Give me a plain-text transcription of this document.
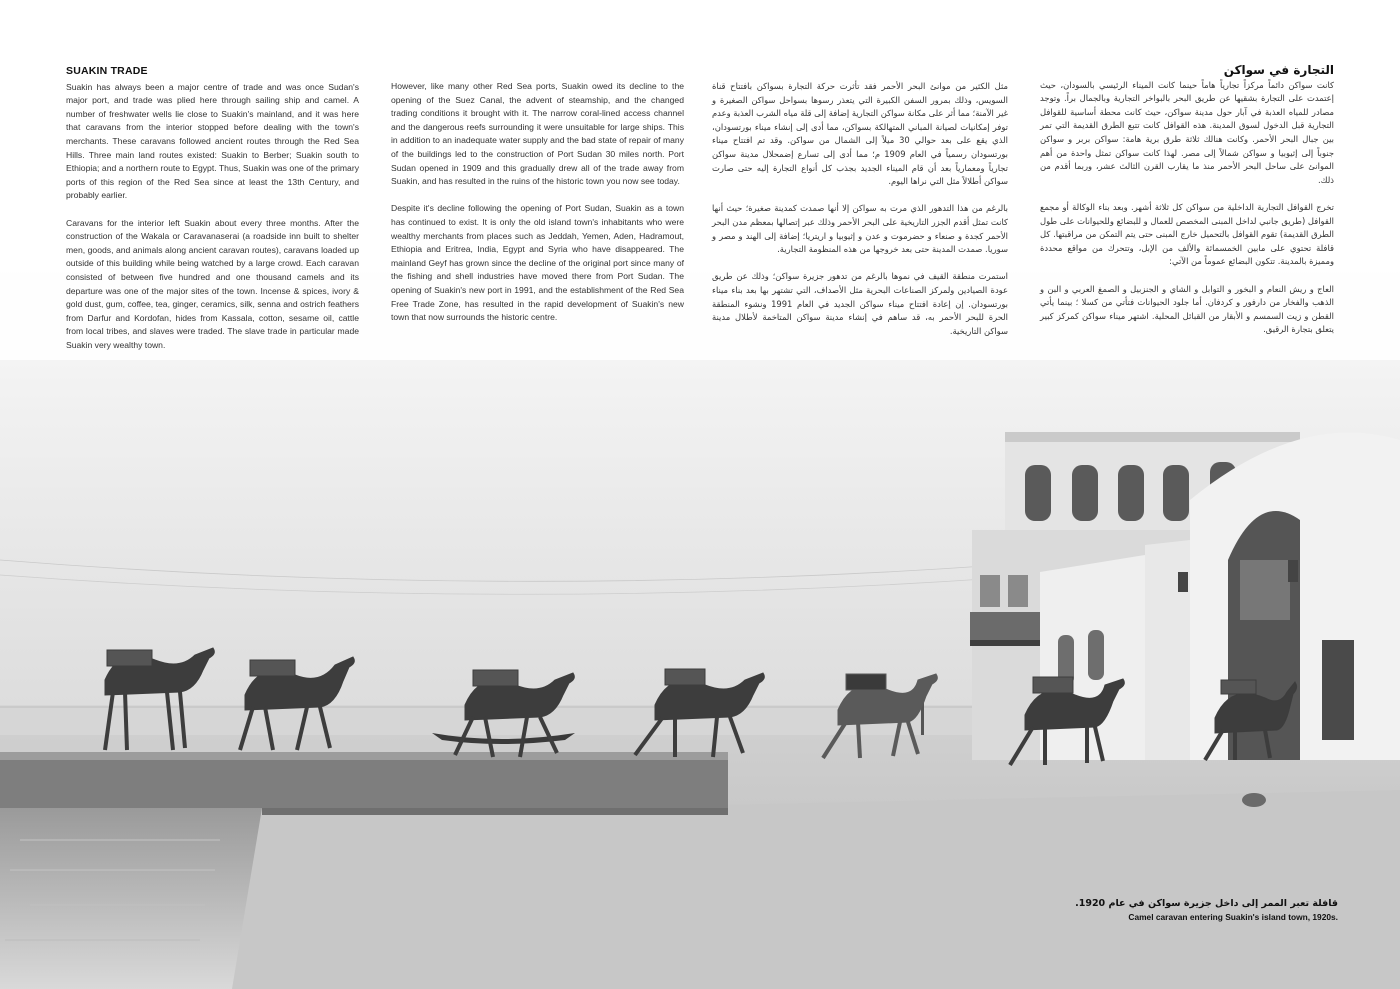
SUAKIN TRADE

Suakin has always been a major centre of trade and was once Sudan's major port, and trade was plied here through sailing ship and camel. A number of freshwater wells lie close to Suakin's mainland, and it was here that caravans from the interior stopped before dealing with the town's merchants. These caravans followed ancient routes through the Red Sea Hills. Three main land routes existed: Suakin to Berber; Suakin south to Ethiopia; and a northern route to Egypt. Thus, Suakin was one of the primary ports of this region of the Red Sea since at least the 13th Century, and probably earlier.

Caravans for the interior left Suakin about every three months. After the construction of the Wakala or Caravanaserai (a roadside inn built to shelter men, goods, and animals along ancient caravan routes), caravans loaded up outside of this building while being watched by a large crowd. Each caravan consisted of between five hundred and one thousand camels and its departure was one of the major sites of the town. Incense & spices, ivory & gold dust, gum, coffee, tea, ginger, ceramics, silk, senna and ostrich feathers from Darfur and Kordofan, hides from Kassala, cotton, sesame oil, cattle from local tribes, and slaves were traded. The slave trade in particular made Suakin very wealthy town.

However, like many other Red Sea ports, Suakin owed its decline to the opening of the Suez Canal, the advent of steamship, and the changed trading conditions it brought with it. The narrow coral-lined access channel and the dangerous reefs surrounding it were unsuitable for large ships. This in addition to an inadequate water supply and the bad state of repair of many of the buildings led to the construction of Port Sudan 30 miles north. Port Sudan opened in 1909 and this gradually drew all of the trade away from Suakin, and has resulted in the ruins of the historic town you now see today.

Despite it's decline following the opening of Port Sudan, Suakin as a town has continued to exist. It is only the old island town's inhabitants who were wealthy merchants from places such as Jeddah, Yemen, Aden, Hadramout, Ethiopia and Eritrea, India, Egypt and Syria who have disappeared. The mainland Geyf has grown since the decline of the original port since many of the fishing and shell industries have moved there from Port Sudan. The opening of Suakin's new port in 1991, and the establishment of the Red Sea Free Trade Zone, has resulted in the rapid development of Suakin's new town that now surrounds the historic centre.

مثل الكثير من موانئ البحر الأحمر فقد تأثرت حركة التجارة بسواكن بافتتاح قناة السويس، وذلك بمرور السفن الكبيرة التي يتعذر رسوها بسواحل سواكن الصغيرة و غير الآمنة؛ مما أثر على مكانة سواكن التجارية إضافة إلى قلة مياه الشرب العذبة وعدم توفر إمكانيات لصيانة المباني المتهالكة بسواكن، مما أدى إلى إنشاء ميناء بورتسودان، الذي يقع على بعد حوالي 30 ميلاً إلى الشمال من سواكن. وقد تم افتتاح ميناء بورتسودان رسمياً في العام 1909 م؛ مما أدى إلى تسارع إضمحلال مدينة سواكن تجارياً ومعمارياً بعد أن قام الميناء الجديد بجذب كل أنواع التجارة إليه حتى صارت سواكن أطلالاً مثل التي نراها اليوم.

بالرغم من هذا التدهور الذي مرت به سواكن إلا أنها صمدت كمدينة صغيرة؛ حيث أنها كانت تمثل أقدم الجزر التاريخية على البحر الأحمر وذلك عبر إتصالها بمعظم مدن البحر الأحمر كجدة و صنعاء و حضرموت و عدن و إثيوبيا و اريتريا؛ إضافة إلى الهند و مصر و سوريا. صمدت المدينة حتى بعد خروجها من هذه المنظومة التجارية.

استمرت منطقة القيف في نموها بالرغم من تدهور جزيرة سواكن؛ وذلك عن طريق عودة الصيادين ولمركز الصناعات البحرية مثل الأصداف، التي تشتهر بها بعد بناء ميناء بورتسودان. إن إعادة افتتاح ميناء سواكن الجديد في العام 1991 ونشوء المنطقة الحرة للبحر الأحمر به، قد ساهم في إنشاء مدينة سواكن المتاخمة لأطلال مدينة سواكن التاريخية.

التجارة في سواكن

كانت سواكن دائماً مركزاً تجارياً هاماً حينما كانت الميناء الرئيسي بالسودان، حيث إعتمدت على التجارة بشقيها عن طريق البحر بالبواخر التجارية وبالجمال براً. وتوجد مصادر للمياه العذبة في آبار حول مدينة سواكن، حيث كانت محطة أساسية للقوافل التجارية قبل الدخول لسوق المدينة. هذه القوافل كانت تتبع الطرق القديمة التي تمر بين جبال البحر الأحمر. وكانت هنالك ثلاثة طرق برية هامة: سواكن بربر و سواكن جنوباً إلى إثيوبيا و سواكن شمالاً إلى مصر. لهذا كانت سواكن تمثل واحدة من أهم الموانئ على ساحل البحر الأحمر منذ ما يقارب القرن الثالث عشر، وربما أقدم من ذلك.

تخرج القوافل التجارية الداخلية من سواكن كل ثلاثة أشهر. وبعد بناء الوكالة أو مجمع القوافل (طريق جانبي لداخل المبنى المخصص للعمال و للبضائع وللحيوانات على طول الطرق القديمة) تقوم القوافل بالتحميل خارج المبنى حتى يتم التمكن من مراقبتها. كل قافلة تحتوي على مابين الخمسمائة والألف من الإبل، وتتحرك من مواقع محددة ومميزة بالمدينة. تتكون البضائع عموماً من الآتي:

العاج و ريش النعام و البخور و التوابل و الشاي و الجنزبيل و الصمغ العربي و البن و الذهب والفخار من دارفور و كردفان. أما جلود الحيوانات فتأتي من كسلا ؛ بينما يأتي القطن و زيت السمسم و الأبقار من القبائل المحلية. اشتهر ميناء سواكن كمركز كبير يتعلق بتجارة الرقيق.

قافلة تعبر الممر إلى داخل جزيرة سواكن في عام 1920.
Camel caravan entering Suakin's island town, 1920s.
